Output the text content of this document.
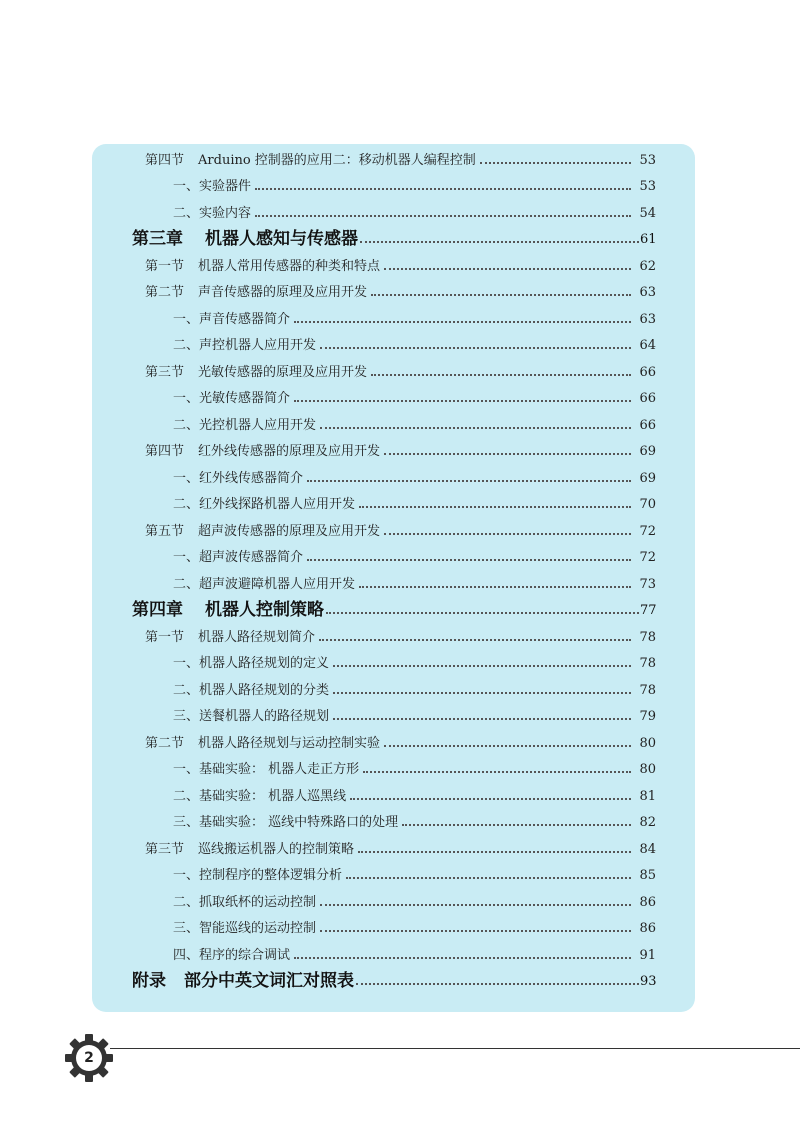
第四节 Arduino 控制器的应用二：移动机器人编程控制	53
一、实验器件	53
二、实验内容	54
第三章 机器人感知与传感器	61
第一节 机器人常用传感器的种类和特点	62
第二节 声音传感器的原理及应用开发	63
一、声音传感器简介	63
二、声控机器人应用开发	64
第三节 光敏传感器的原理及应用开发	66
一、光敏传感器简介	66
二、光控机器人应用开发	66
第四节 红外线传感器的原理及应用开发	69
一、红外线传感器简介	69
二、红外线探路机器人应用开发	70
第五节 超声波传感器的原理及应用开发	72
一、超声波传感器简介	72
二、超声波避障机器人应用开发	73
第四章 机器人控制策略	77
第一节 机器人路径规划简介	78
一、机器人路径规划的定义	78
二、机器人路径规划的分类	78
三、送餐机器人的路径规划	79
第二节 机器人路径规划与运动控制实验	80
一、基础实验： 机器人走正方形	80
二、基础实验： 机器人巡黑线	81
三、基础实验： 巡线中特殊路口的处理	82
第三节 巡线搬运机器人的控制策略	84
一、控制程序的整体逻辑分析	85
二、抓取纸杯的运动控制	86
三、智能巡线的运动控制	86
四、程序的综合调试	91
附录 部分中英文词汇对照表	93
2
